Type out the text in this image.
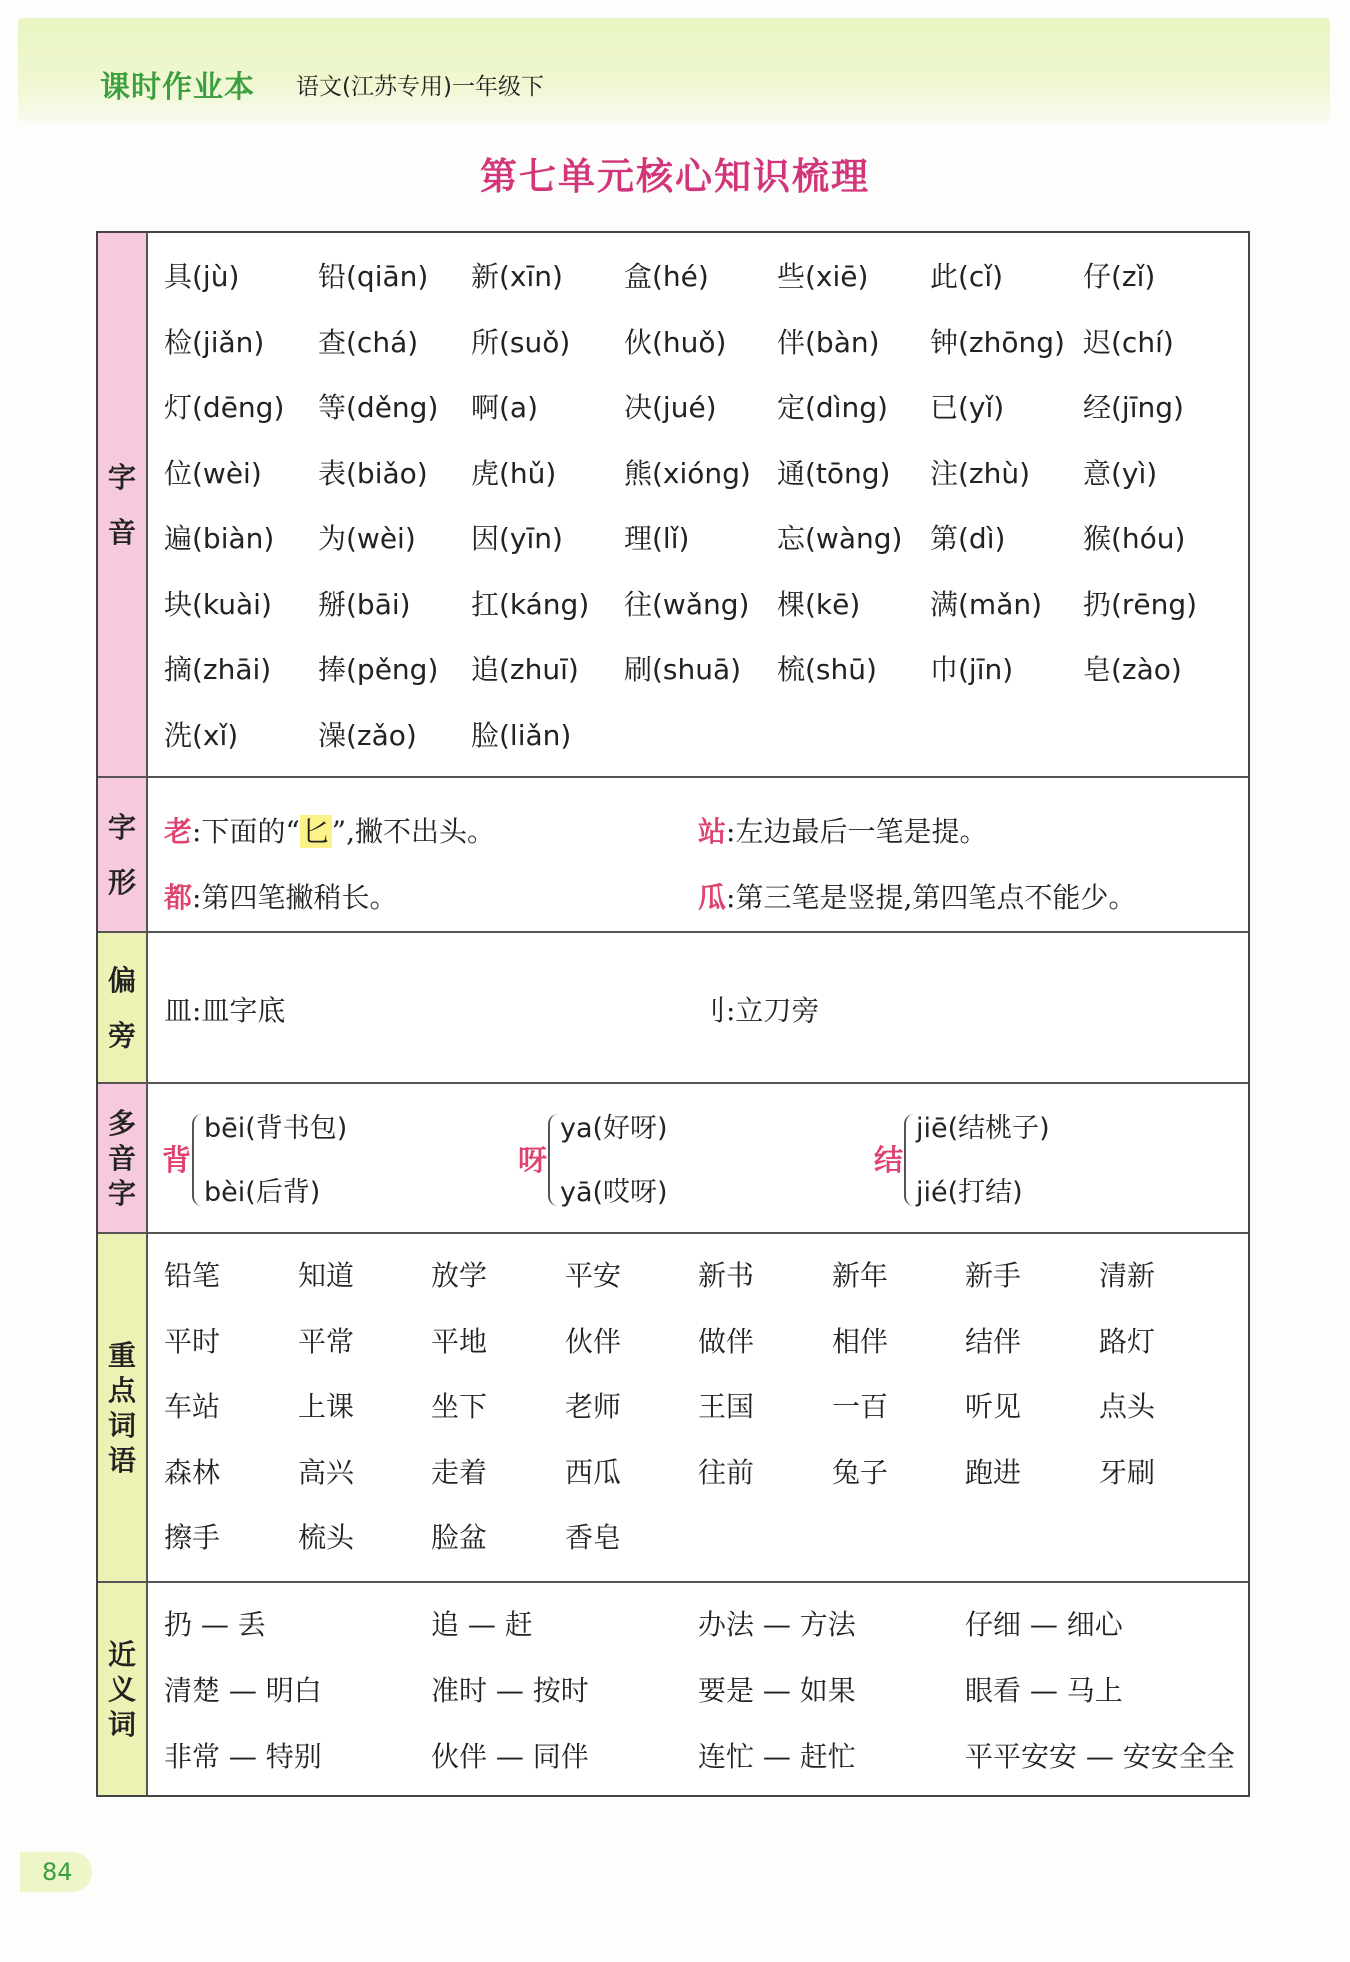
课时作业本 语文(江苏专用)一年级下
第七单元核心知识梳理
字
音
具(jù)	铅(qiān) 新(xīn) 盒(hé) 些(xiē) 此(cǐ)	仔(zǐ)
检(jiǎn) 查(chá) 所(suǒ) 伙(huǒ) 伴(bàn) 钟(zhōng) 迟(chí)
灯(dēng) 等(děng) 啊(a)	决(jué) 定(dìng) 已(yǐ)	经(jīng)
位(wèi) 表(biǎo) 虎(hǔ) 熊(xióng) 通(tōng) 注(zhù) 意(yì)
遍(biàn) 为(wèi) 因(yīn) 理(lǐ)	忘(wàng) 第(dì)	猴(hóu)
块(kuài) 掰(bāi) 扛(káng) 往(wǎng) 棵(kē) 满(mǎn) 扔(rēng)
摘(zhāi) 捧(pěng) 追(zhuī) 刷(shuā) 梳(shū) 巾(jīn) 皂(zào)
洗(xǐ)	澡(zǎo) 脸(liǎn)
字
形
老:下面的“匕”,撇不出头。	站:左边最后一笔是提。
都:第四笔撇稍长。	瓜:第三笔是竖提,第四笔点不能少。
偏
旁
皿:皿字底	刂:立刀旁
多
音
字
背
bēi(背书包)
bèi(后背)
呀
ya(好呀)
yā(哎呀)
结
jiē(结桃子)
jié(打结)
重
点
词
语
铅笔	知道	放学	平安	新书	新年	新手	清新
平时	平常	平地	伙伴	做伴	相伴	结伴	路灯
车站	上课	坐下	老师	王国	一百	听见	点头
森林	高兴	走着	西瓜	往前	兔子	跑进	牙刷
擦手	梳头	脸盆	香皂
近
义
词
扔 — 丢	追 — 赶	办法 — 方法	仔细 — 细心
清楚 — 明白	准时 — 按时	要是 — 如果	眼看 — 马上
非常 — 特别	伙伴 — 同伴	连忙 — 赶忙	平平安安 — 安安全全
84
